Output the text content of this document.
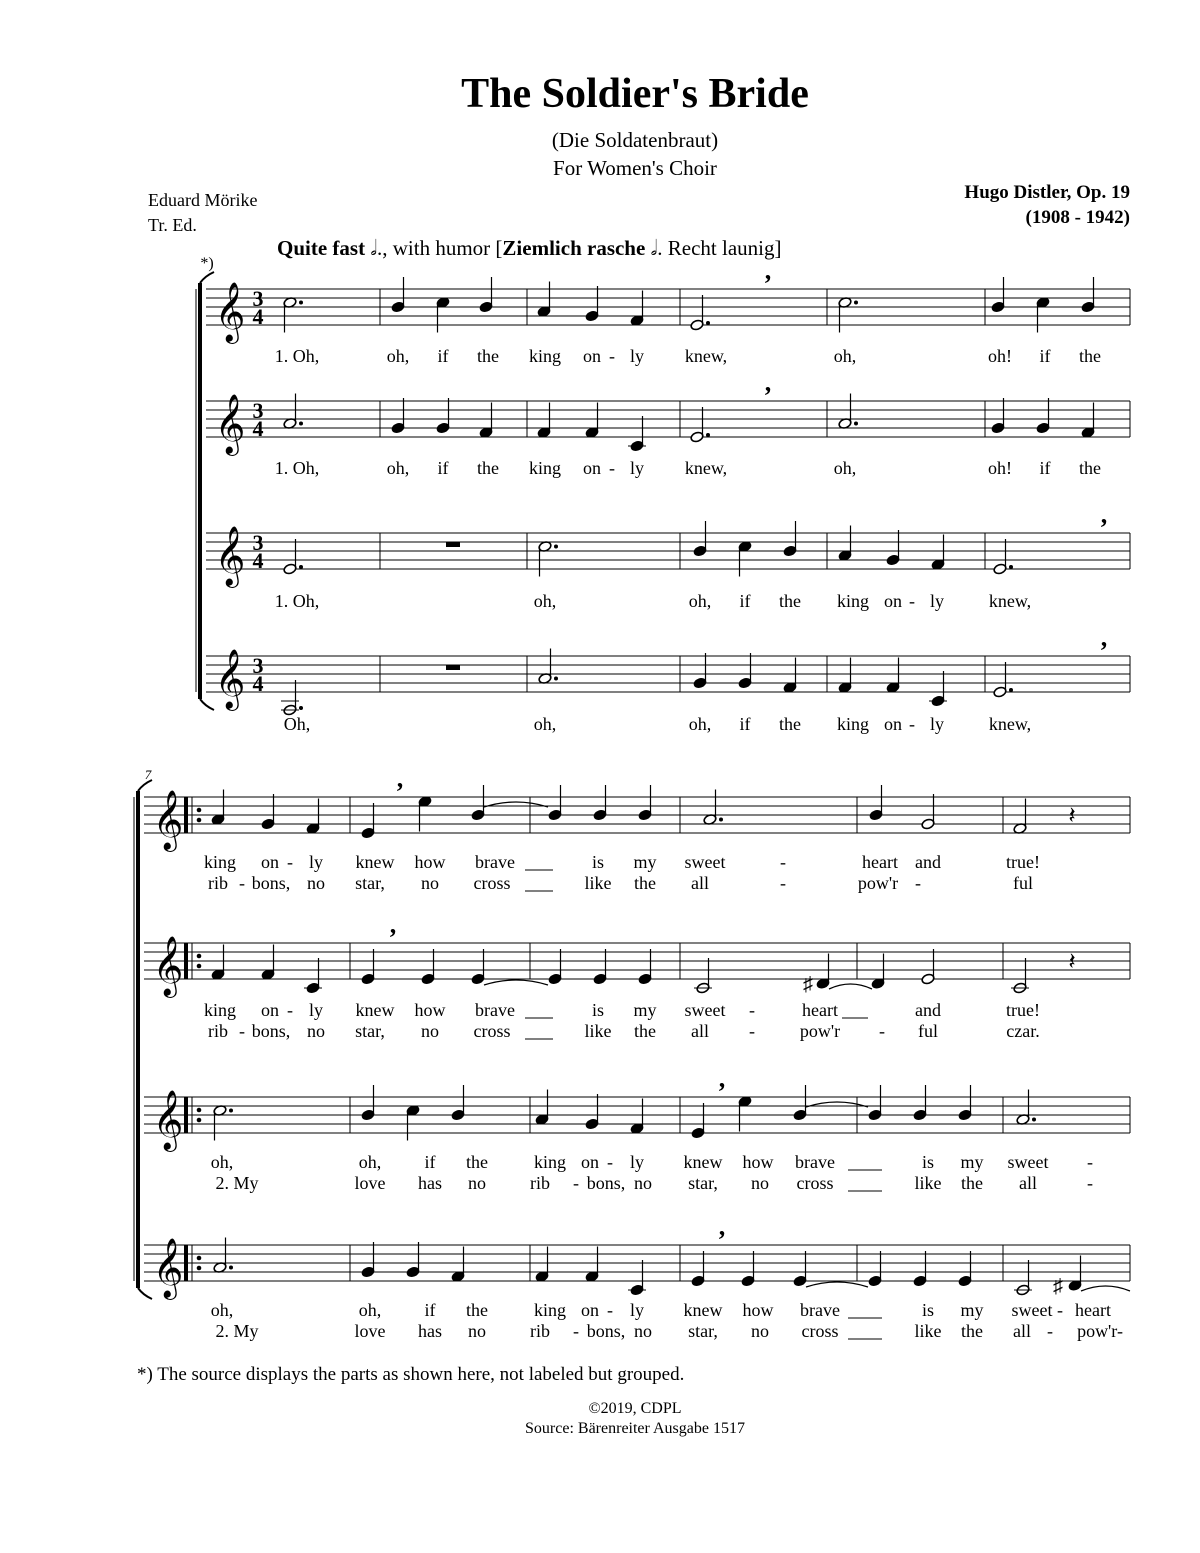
The Soldier's Bride
(Die Soldatenbraut)
For Women's Choir
Eduard Mörike
Tr. Ed.
Hugo Distler, Op. 19
(1908 - 1942)
Quite fast 𝅗𝅥., with humor [Ziemlich rasche 𝅗𝅥. Recht launig]
*)
𝄞 3
4
𝄞 3
4
𝄞 3
4
𝄞 3
4
,
,
,
,
1. Oh,	oh, if the king on - ly knew,	oh,	oh! if the
1. Oh,	oh, if the king on - ly knew,	oh,	oh! if the
1. Oh,	oh,	oh, if the king on - ly knew,
Oh,	oh,	oh, if the king on - ly knew,
7
𝄞
𝄞
𝄞
𝄞
,
𝄽
,
♯
𝄽
,
,
♯
king on - ly knew how brave	is my sweet	-	heart and	true!
rib - bons, no star, no cross	like the all	-	pow'r -	ful
king on - ly knew how brave	is my sweet -	heart	and	true!
rib - bons, no star, no cross	like the all - pow'r - ful	czar.
oh,	oh, if the	king on - ly knew how brave	is my sweet -
2. My	love has no rib - bons, no star, no cross	like the all	-
oh,	oh, if the	king on - ly knew how brave	is my sweet - heart
2. My	love has no rib - bons, no star, no cross	like the all - pow'r-
*) The source displays the parts as shown here, not labeled but grouped.
©2019, CDPL
Source: Bärenreiter Ausgabe 1517
